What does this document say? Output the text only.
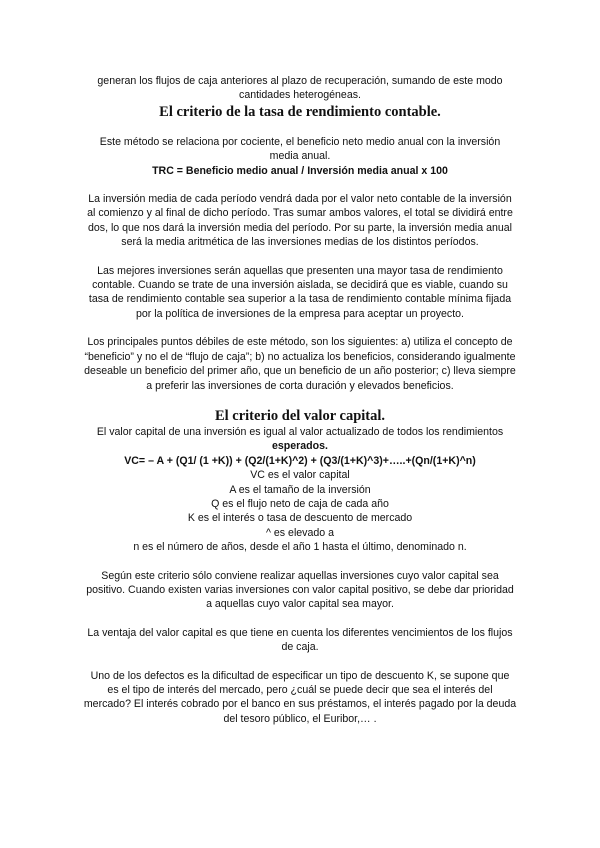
generan los flujos de caja anteriores al plazo de recuperación, sumando de este modo

cantidades heterogéneas.

El criterio de la tasa de rendimiento contable.

Este método se relaciona por cociente, el beneficio neto medio anual con la inversión

media anual.

TRC = Beneficio medio anual / Inversión media anual x 100

La inversión media de cada período vendrá dada por el valor neto contable de la inversión

al comienzo y al final de dicho período. Tras sumar ambos valores, el total se dividirá entre

dos, lo que nos dará la inversión media del período. Por su parte, la inversión media anual

será la media aritmética de las inversiones medias de los distintos períodos.

Las mejores inversiones serán aquellas que presenten una mayor tasa de rendimiento

contable. Cuando se trate de una inversión aislada, se decidirá que es viable, cuando su

tasa de rendimiento contable sea superior a la tasa de rendimiento contable mínima fijada

por la política de inversiones de la empresa para aceptar un proyecto.

Los principales puntos débiles de este método, son los siguientes: a) utiliza el concepto de

“beneficio” y no el de “flujo de caja”; b) no actualiza los beneficios, considerando igualmente

deseable un beneficio del primer año, que un beneficio de un año posterior; c) lleva siempre

a preferir las inversiones de corta duración y elevados beneficios.

El criterio del valor capital.

El valor capital de una inversión es igual al valor actualizado de todos los rendimientos

esperados.

VC= – A + (Q1/ (1 +K)) + (Q2/(1+K)^2) + (Q3/(1+K)^3)+…..+(Qn/(1+K)^n)

VC es el valor capital

A es el tamaño de la inversión

Q es el flujo neto de caja de cada año

K es el interés o tasa de descuento de mercado

^ es elevado a

n es el número de años, desde el año 1 hasta el último, denominado n.

Según este criterio sólo conviene realizar aquellas inversiones cuyo valor capital sea

positivo. Cuando existen varias inversiones con valor capital positivo, se debe dar prioridad

a aquellas cuyo valor capital sea mayor.

La ventaja del valor capital es que tiene en cuenta los diferentes vencimientos de los flujos

de caja.

Uno de los defectos es la dificultad de especificar un tipo de descuento K, se supone que

es el tipo de interés del mercado, pero ¿cuál se puede decir que sea el interés del

mercado? El interés cobrado por el banco en sus préstamos, el interés pagado por la deuda

del tesoro público, el Euribor,… .
